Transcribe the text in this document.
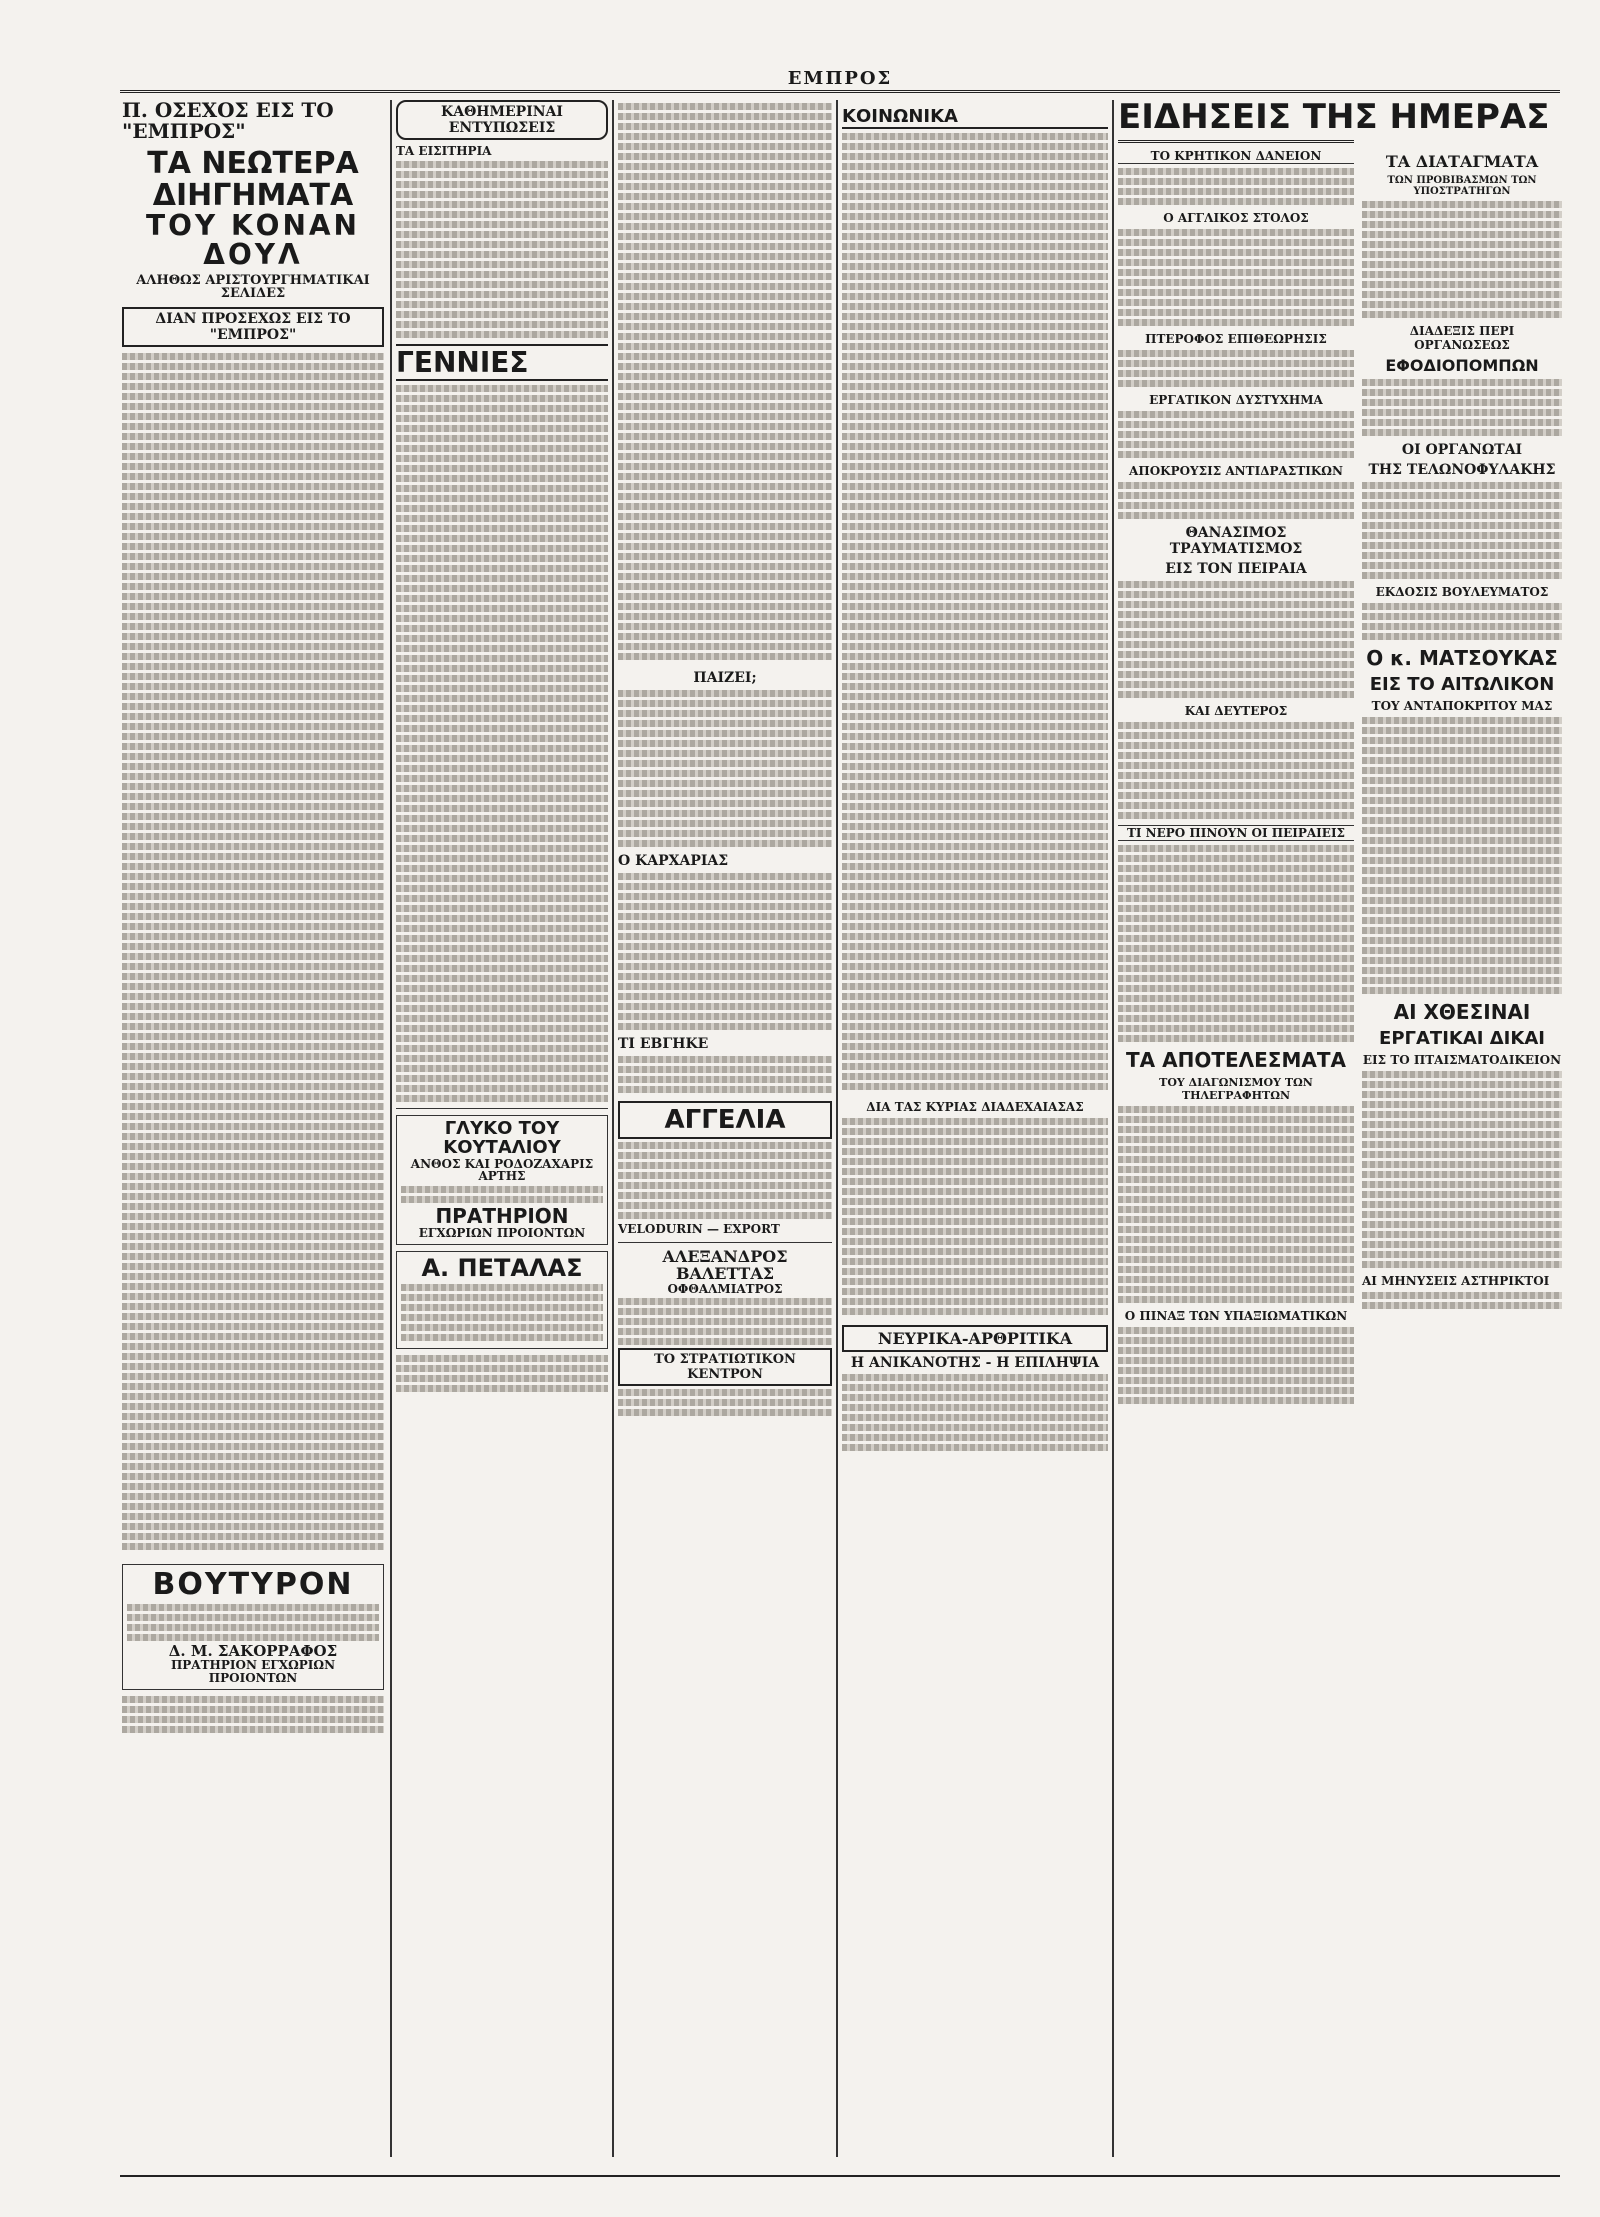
ΕΜΠΡΟΣ
Π. ΟΣΕΧΟΣ ΕΙΣ ΤΟ "ΕΜΠΡΟΣ"
ΤΑ ΝΕΩΤΕΡΑ ΔΙΗΓΗΜΑΤΑ
ΤΟΥ ΚΟΝΑΝ ΔΟΥΛ
ΑΛΗΘΩΣ ΑΡΙΣΤΟΥΡΓΗΜΑΤΙΚΑΙ ΣΕΛΙΔΕΣ
ΔΙΑΝ ΠΡΟΣΕΧΩΣ ΕΙΣ ΤΟ "ΕΜΠΡΟΣ"
ΒΟΥΤΥΡΟΝ
Δ. Μ. ΣΑΚΟΡΡΑΦΟΣ
ΠΡΑΤΗΡΙΟΝ ΕΓΧΩΡΙΩΝ ΠΡΟΙΟΝΤΩΝ
ΚΑΘΗΜΕΡΙΝΑΙ ΕΝΤΥΠΩΣΕΙΣ
ΤΑ ΕΙΣΙΤΗΡΙΑ
ΓΕΝΝΙΕΣ
ΓΛΥΚΟ ΤΟΥ ΚΟΥΤΑΛΙΟΥ
ΑΝΘΟΣ ΚΑΙ ΡΟΔΟΖΑΧΑΡΙΣ ΑΡΤΗΣ
ΠΡΑΤΗΡΙΟΝ
ΕΓΧΩΡΙΩΝ ΠΡΟΙΟΝΤΩΝ
Α. ΠΕΤΑΛΑΣ
ΠΑΙΖΕΙ;
Ο ΚΑΡΧΑΡΙΑΣ
ΤΙ ΕΒΓΗΚΕ
ΑΓΓΕΛΙΑ
VELODURIN — EXPORT
ΑΛΕΞΑΝΔΡΟΣ ΒΑΛΕΤΤΑΣ
ΟΦΘΑΛΜΙΑΤΡΟΣ
ΤΟ ΣΤΡΑΤΙΩΤΙΚΟΝ ΚΕΝΤΡΟΝ
ΚΟΙΝΩΝΙΚΑ
ΔΙΑ ΤΑΣ ΚΥΡΙΑΣ ΔΙΑΔΕΧΑΙΑΣΑΣ
ΝΕΥΡΙΚΑ-ΑΡΘΡΙΤΙΚΑ
Η ΑΝΙΚΑΝΟΤΗΣ - Η ΕΠΙΛΗΨΙΑ
ΕΙΔΗΣΕΙΣ ΤΗΣ ΗΜΕΡΑΣ
ΤΟ ΚΡΗΤΙΚΟΝ ΔΑΝΕΙΟΝ
Ο ΑΓΓΛΙΚΟΣ ΣΤΟΛΟΣ
ΠΤΕΡΟΦΟΣ ΕΠΙΘΕΩΡΗΣΙΣ
ΕΡΓΑΤΙΚΟΝ ΔΥΣΤΥΧΗΜΑ
ΑΠΟΚΡΟΥΣΙΣ ΑΝΤΙΔΡΑΣΤΙΚΩΝ
ΘΑΝΑΣΙΜΟΣ ΤΡΑΥΜΑΤΙΣΜΟΣ
ΕΙΣ ΤΟΝ ΠΕΙΡΑΙΑ
ΚΑΙ ΔΕΥΤΕΡΟΣ
ΤΙ ΝΕΡΟ ΠΙΝΟΥΝ ΟΙ ΠΕΙΡΑΙΕΙΣ
ΤΑ ΑΠΟΤΕΛΕΣΜΑΤΑ
ΤΟΥ ΔΙΑΓΩΝΙΣΜΟΥ ΤΩΝ ΤΗΛΕΓΡΑΦΗΤΩΝ
Ο ΠΙΝΑΞ ΤΩΝ ΥΠΑΞΙΩΜΑΤΙΚΩΝ
ΤΑ ΔΙΑΤΑΓΜΑΤΑ
ΤΩΝ ΠΡΟΒΙΒΑΣΜΩΝ ΤΩΝ ΥΠΟΣΤΡΑΤΗΓΩΝ
ΔΙΑΔΕΞΙΣ ΠΕΡΙ ΟΡΓΑΝΩΣΕΩΣ
ΕΦΟΔΙΟΠΟΜΠΩΝ
ΟΙ ΟΡΓΑΝΩΤΑΙ
ΤΗΣ ΤΕΛΩΝΟΦΥΛΑΚΗΣ
ΕΚΔΟΣΙΣ ΒΟΥΛΕΥΜΑΤΟΣ
Ο κ. ΜΑΤΣΟΥΚΑΣ
ΕΙΣ ΤΟ ΑΙΤΩΛΙΚΟΝ
ΤΟΥ ΑΝΤΑΠΟΚΡΙΤΟΥ ΜΑΣ
ΑΙ ΧΘΕΣΙΝΑΙ
ΕΡΓΑΤΙΚΑΙ ΔΙΚΑΙ
ΕΙΣ ΤΟ ΠΤΑΙΣΜΑΤΟΔΙΚΕΙΟΝ
ΑΙ ΜΗΝΥΣΕΙΣ ΑΣΤΗΡΙΚΤΟΙ
